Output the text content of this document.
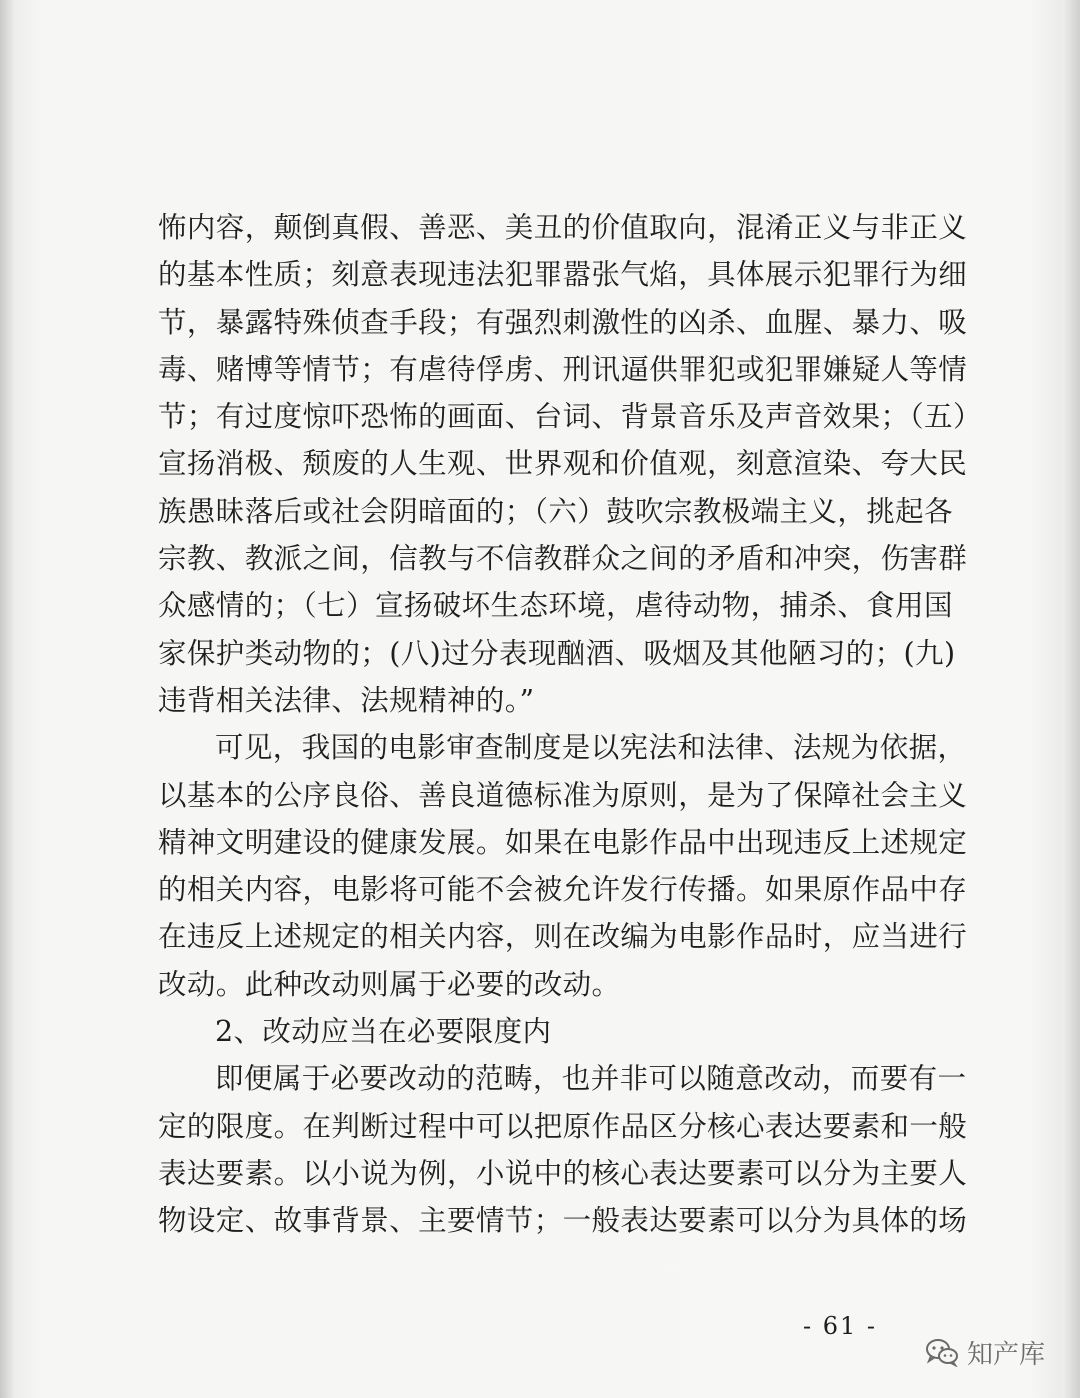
怖内容，颠倒真假、善恶、美丑的价值取向，混淆正义与非正义
的基本性质；刻意表现违法犯罪嚣张气焰，具体展示犯罪行为细
节，暴露特殊侦查手段；有强烈刺激性的凶杀、血腥、暴力、吸
毒、赌博等情节；有虐待俘虏、刑讯逼供罪犯或犯罪嫌疑人等情
节；有过度惊吓恐怖的画面、台词、背景音乐及声音效果；（五）
宣扬消极、颓废的人生观、世界观和价值观，刻意渲染、夸大民
族愚昧落后或社会阴暗面的；（六）鼓吹宗教极端主义，挑起各
宗教、教派之间，信教与不信教群众之间的矛盾和冲突，伤害群
众感情的；（七）宣扬破坏生态环境，虐待动物，捕杀、食用国
家保护类动物的；(八)过分表现酗酒、吸烟及其他陋习的；(九)
违背相关法律、法规精神的。”
可见，我国的电影审查制度是以宪法和法律、法规为依据，
以基本的公序良俗、善良道德标准为原则，是为了保障社会主义
精神文明建设的健康发展。如果在电影作品中出现违反上述规定
的相关内容，电影将可能不会被允许发行传播。如果原作品中存
在违反上述规定的相关内容，则在改编为电影作品时，应当进行
改动。此种改动则属于必要的改动。
2、改动应当在必要限度内
即便属于必要改动的范畴，也并非可以随意改动，而要有一
定的限度。在判断过程中可以把原作品区分核心表达要素和一般
表达要素。以小说为例，小说中的核心表达要素可以分为主要人
物设定、故事背景、主要情节；一般表达要素可以分为具体的场
- 61 -
知产库
